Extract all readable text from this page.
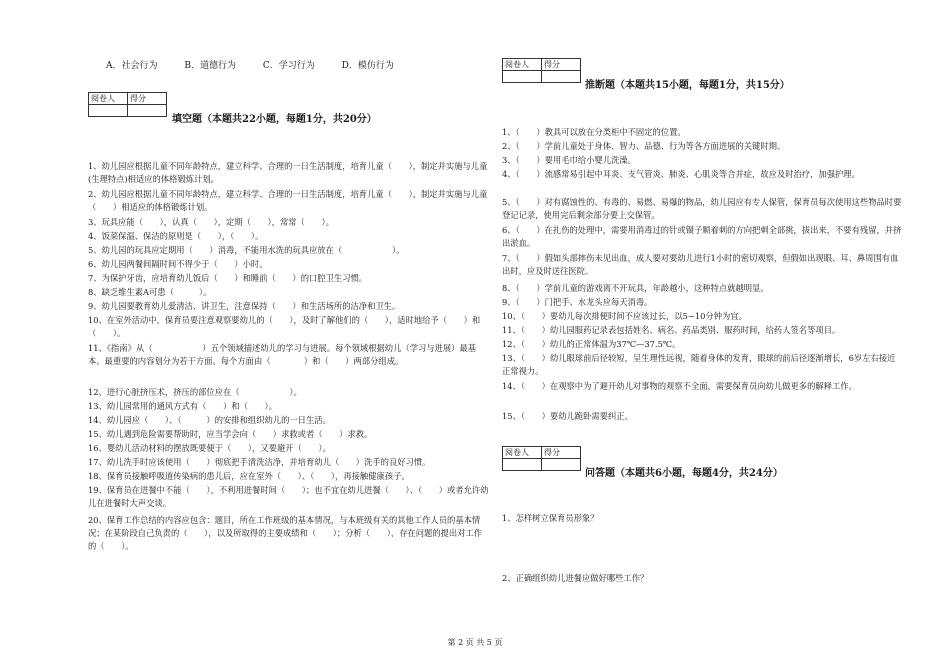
A．社会行为	B．道德行为	C．学习行为	D．模仿行为
阅卷人	得分

填空题（本题共22小题，每题1分，共20分）
1、幼儿园应根据儿童不同年龄特点，建立科学、合理的一日生活制度，培育儿童（　　），制定并实施与儿童(生理特点)相适应的体格锻炼计划。
2、幼儿园应根据儿童不同年龄特点，建立科学、合理的一日生活制度，培育儿童（　　），制定并实施与儿童（　　）相适应的体格锻炼计划。
3、玩具应能（　　），认真（　　），定期（　　），常常（　　）。
4、饭菜保温、保洁的原则是（　　），（　　）。
5、幼儿园的玩具应定期用（　　）消毒，不能用水洗的玩具应放在（　　　　　　）。
6、幼儿园两餐间隔时间不得少于（　　）小时。
7、为保护牙齿，应培育幼儿饭后（　　）和睡前（　　）的口腔卫生习惯。
8、缺乏维生素A可患（　　　）。
9、幼儿园要教育幼儿爱清洁、讲卫生，注意保持（　　）和生活场所的洁净和卫生。
10、在室外活动中，保育员要注意观察要幼儿的（　　），及时了解他们的（　　），适时地给予（　　）和（　　）。
11、《指南》从（　　　　　　）五个领域描述幼儿的学习与进展。每个领域根据幼儿（学习与进展）最基本、最重要的内容划分为若干方面。每个方面由（　　　　）和（　　）两部分组成。
12、进行心脏挤压术，挤压的部位应在（　　　　　　）。
13、幼儿园常用的通风方式有（　　）和（　　）。
14、幼儿园应（　　）、（　　　）的安排和组织幼儿的一日生活。
15、幼儿遇到危险需要帮助时，应当学会向（　　）求救或者（　　）求救。
16、婴幼儿活动材料的摆放既要便于（　　），又要避开（　　）。
17、幼儿洗手时应该使用（　　）彻底把手清洗洁净，并培育幼儿（　　）洗手的良好习惯。
18、保育员接触呼吸道传染病的患儿后，应在室外（　　）、（　　），再接触健康孩子。
19、保育员在进餐中不能（　　），不利用进餐时间（　　）；也不宜在幼儿进餐（　　）、（　　）或者允许幼儿在进餐时大声交谈。
20、保育工作总结的内容应包含：题目，所在工作班级的基本情况，与本班级有关的其他工作人员的基本情况；在某阶段自己负责的（　　），以及所取得的主要成绩和（　　）；分析（　　），存在问题的提出对工作的（　　）。
阅卷人	得分

推断题（本题共15小题，每题1分，共15分）
1、（　　）教具可以放在分类柜中不固定的位置。
2、（　　）学前儿童处于身体、智力、品德、行为等各方面进展的关键时期。
3、（　　）要用毛巾给小婴儿洗澡。
4、（　　）流感常易引起中耳炎、支气管炎、肺炎、心肌炎等合并症，故应及时治疗，加强护理。
5、（　　）对有腐蚀性的、有毒的、易燃、易爆的物品，幼儿园应有专人保管，保育员每次使用这些物品时要登记记录，使用完后剩余部分要上交保管。
6、（　　）在扎伤的处理中，需要用消毒过的针或镊子顺着刺的方向把刺全部挑，拔出来，不要有残留，并挤出淤血。
7、（　　）假如头部摔伤未见出血，成人要对要幼儿进行1小时的密切观察，但假如出现眼、耳、鼻周围有血出时，应及时送往医院。
8、（　　）学前儿童的游戏离不开玩具，年龄越小，这种特点就越明显。
9、（　　）门把手、水龙头应每天消毒。
10、（　　）要幼儿每次排便时间不应该过长，以5~10分钟为宜。
11、（　　）幼儿园服药记录表包括姓名、病名、药品类别、服药时间，给药人签名等项目。
12、（　　）幼儿的正常体温为37℃—37.5℃。
13、（　　）幼儿眼球前后径较短，呈生理性远视，随着身体的发育，眼球的前后径逐渐增长，6岁左右接近正常视力。
14、（　　）在观察中为了避开幼儿对事物的观察不全面，需要保育员向幼儿做更多的解释工作。
15、（　　）要幼儿跪卧需要纠正。
阅卷人	得分

问答题（本题共6小题，每题4分，共24分）
1、怎样树立保育员形象？
2、正确组织幼儿进餐应做好哪些工作？
第 2 页 共 5 页
